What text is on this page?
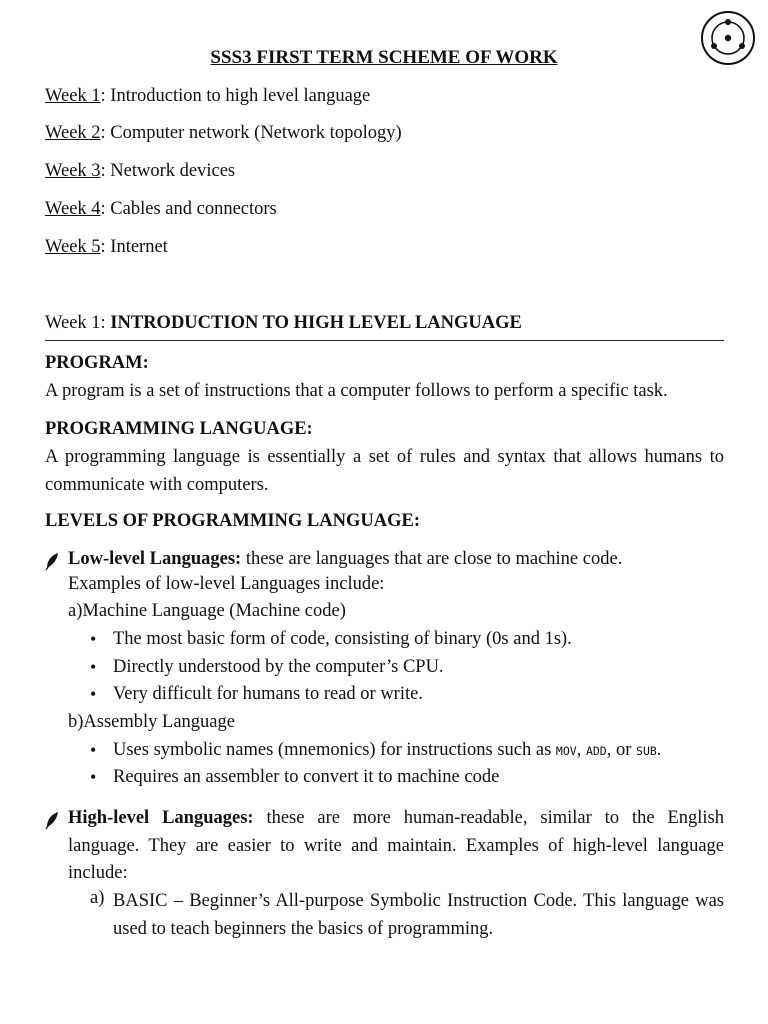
SSS3 FIRST TERM SCHEME OF WORK
Week 1: Introduction to high level language
Week 2: Computer network (Network topology)
Week 3: Network devices
Week 4: Cables and connectors
Week 5: Internet
Week 1: INTRODUCTION TO HIGH LEVEL LANGUAGE
PROGRAM:
A program is a set of instructions that a computer follows to perform a specific task.
PROGRAMMING LANGUAGE:
A programming language is essentially a set of rules and syntax that allows humans to communicate with computers.
LEVELS OF PROGRAMMING LANGUAGE:
Low-level Languages: these are languages that are close to machine code.
Examples of low-level Languages include:
a)Machine Language (Machine code)
• The most basic form of code, consisting of binary (0s and 1s).
• Directly understood by the computer’s CPU.
• Very difficult for humans to read or write.
b)Assembly Language
• Uses symbolic names (mnemonics) for instructions such as MOV, ADD, or SUB.
• Requires an assembler to convert it to machine code
High-level Languages: these are more human-readable, similar to the English language. They are easier to write and maintain. Examples of high-level language include:
a) BASIC – Beginner’s All-purpose Symbolic Instruction Code. This language was used to teach beginners the basics of programming.
